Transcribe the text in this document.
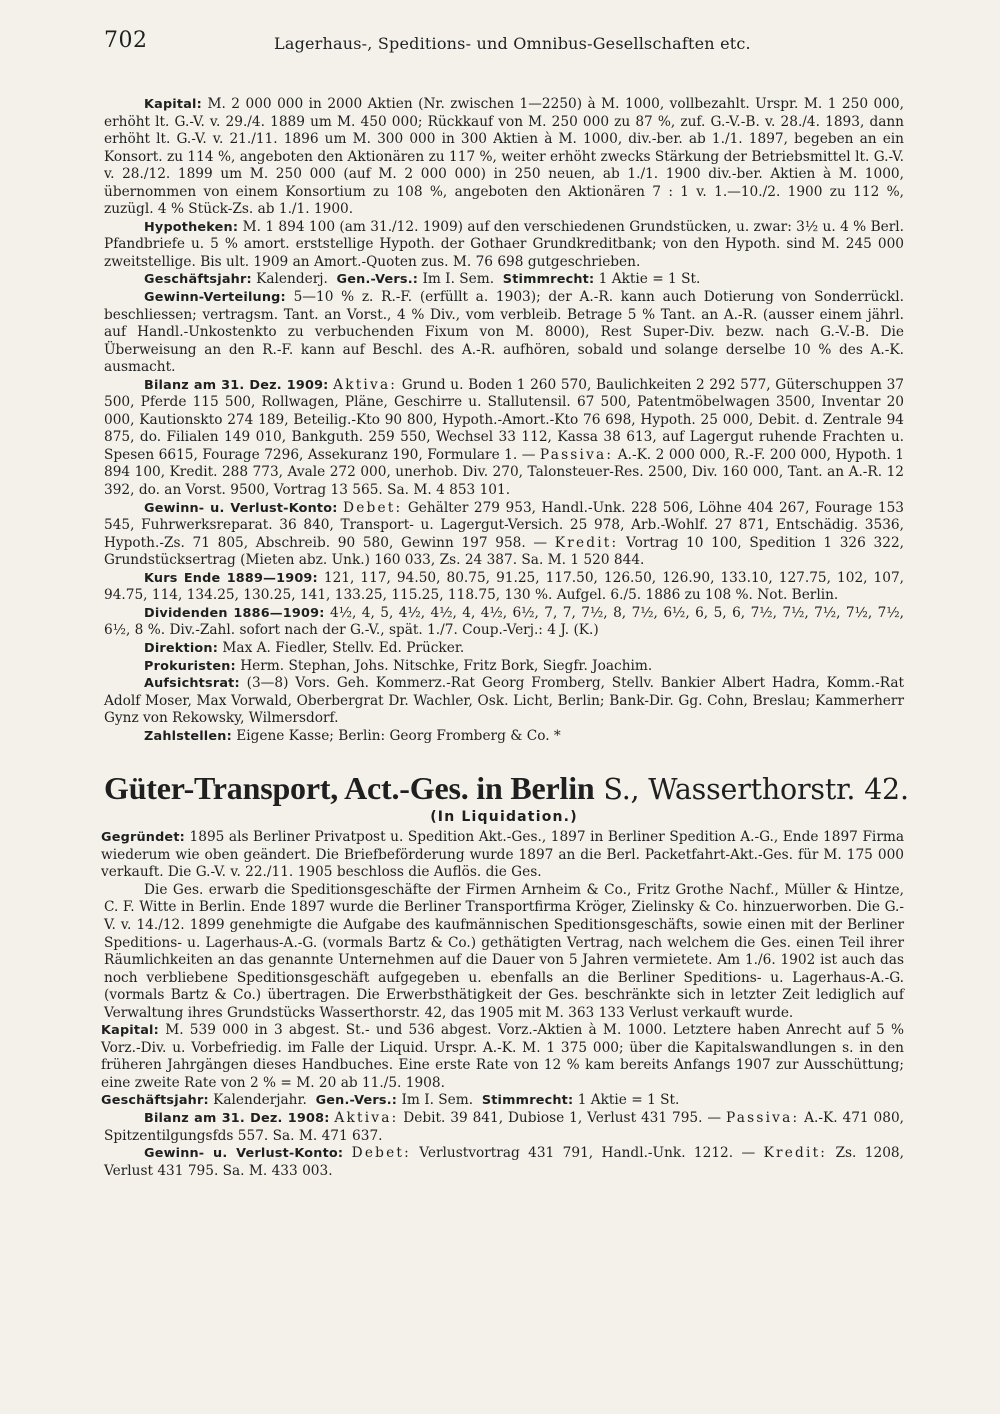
702	Lagerhaus-, Speditions- und Omnibus-Gesellschaften etc.

Kapital: M. 2 000 000 in 2000 Aktien (Nr. zwischen 1—2250) à M. 1000, vollbezahlt. Urspr. M. 1 250 000, erhöht lt. G.-V. v. 29./4. 1889 um M. 450 000; Rückkauf von M. 250 000 zu 87 %, zuf. G.-V.-B. v. 28./4. 1893, dann erhöht lt. G.-V. v. 21./11. 1896 um M. 300 000 in 300 Aktien à M. 1000, div.-ber. ab 1./1. 1897, begeben an ein Konsort. zu 114 %, angeboten den Aktionären zu 117 %, weiter erhöht zwecks Stärkung der Betriebsmittel lt. G.-V. v. 28./12. 1899 um M. 250 000 (auf M. 2 000 000) in 250 neuen, ab 1./1. 1900 div.-ber. Aktien à M. 1000, übernommen von einem Konsortium zu 108 %, angeboten den Aktionären 7 : 1 v. 1.—10./2. 1900 zu 112 %, zuzügl. 4 % Stück-Zs. ab 1./1. 1900.

Hypotheken: M. 1 894 100 (am 31./12. 1909) auf den verschiedenen Grundstücken, u. zwar: 3½ u. 4 % Berl. Pfandbriefe u. 5 % amort. erststellige Hypoth. der Gothaer Grundkreditbank; von den Hypoth. sind M. 245 000 zweitstellige. Bis ult. 1909 an Amort.-Quoten zus. M. 76 698 gutgeschrieben.

Geschäftsjahr: Kalenderj. Gen.-Vers.: Im I. Sem. Stimmrecht: 1 Aktie = 1 St.

Gewinn-Verteilung: 5—10 % z. R.-F. (erfüllt a. 1903); der A.-R. kann auch Dotierung von Sonderrückl. beschliessen; vertragsm. Tant. an Vorst., 4 % Div., vom verbleib. Betrage 5 % Tant. an A.-R. (ausser einem jährl. auf Handl.-Unkostenkto zu verbuchenden Fixum von M. 8000), Rest Super-Div. bezw. nach G.-V.-B. Die Überweisung an den R.-F. kann auf Beschl. des A.-R. aufhören, sobald und solange derselbe 10 % des A.-K. ausmacht.

Bilanz am 31. Dez. 1909: Aktiva: Grund u. Boden 1 260 570, Baulichkeiten 2 292 577, Güterschuppen 37 500, Pferde 115 500, Rollwagen, Pläne, Geschirre u. Stallutensil. 67 500, Patentmöbelwagen 3500, Inventar 20 000, Kautionskto 274 189, Beteilig.-Kto 90 800, Hypoth.-Amort.-Kto 76 698, Hypoth. 25 000, Debit. d. Zentrale 94 875, do. Filialen 149 010, Bankguth. 259 550, Wechsel 33 112, Kassa 38 613, auf Lagergut ruhende Frachten u. Spesen 6615, Fourage 7296, Assekuranz 190, Formulare 1. — Passiva: A.-K. 2 000 000, R.-F. 200 000, Hypoth. 1 894 100, Kredit. 288 773, Avale 272 000, unerhob. Div. 270, Talonsteuer-Res. 2500, Div. 160 000, Tant. an A.-R. 12 392, do. an Vorst. 9500, Vortrag 13 565. Sa. M. 4 853 101.

Gewinn- u. Verlust-Konto: Debet: Gehälter 279 953, Handl.-Unk. 228 506, Löhne 404 267, Fourage 153 545, Fuhrwerksreparat. 36 840, Transport- u. Lagergut-Versich. 25 978, Arb.-Wohlf. 27 871, Entschädig. 3536, Hypoth.-Zs. 71 805, Abschreib. 90 580, Gewinn 197 958. — Kredit: Vortrag 10 100, Spedition 1 326 322, Grundstücksertrag (Mieten abz. Unk.) 160 033, Zs. 24 387. Sa. M. 1 520 844.

Kurs Ende 1889—1909: 121, 117, 94.50, 80.75, 91.25, 117.50, 126.50, 126.90, 133.10, 127.75, 102, 107, 94.75, 114, 134.25, 130.25, 141, 133.25, 115.25, 118.75, 130 %. Aufgel. 6./5. 1886 zu 108 %. Not. Berlin.

Dividenden 1886—1909: 4½, 4, 5, 4½, 4½, 4, 4½, 6½, 7, 7, 7½, 8, 7½, 6½, 6, 5, 6, 7½, 7½, 7½, 7½, 7½, 6½, 8 %. Div.-Zahl. sofort nach der G.-V., spät. 1./7. Coup.-Verj.: 4 J. (K.)

Direktion: Max A. Fiedler, Stellv. Ed. Prücker.

Prokuristen: Herm. Stephan, Johs. Nitschke, Fritz Bork, Siegfr. Joachim.

Aufsichtsrat: (3—8) Vors. Geh. Kommerz.-Rat Georg Fromberg, Stellv. Bankier Albert Hadra, Komm.-Rat Adolf Moser, Max Vorwald, Oberbergrat Dr. Wachler, Osk. Licht, Berlin; Bank-Dir. Gg. Cohn, Breslau; Kammerherr Gynz von Rekowsky, Wilmersdorf.

Zahlstellen: Eigene Kasse; Berlin: Georg Fromberg & Co. *

Güter-Transport, Act.-Ges. in Berlin S., Wasserthorstr. 42.
(In Liquidation.)

Gegründet: 1895 als Berliner Privatpost u. Spedition Akt.-Ges., 1897 in Berliner Spedition A.-G., Ende 1897 Firma wiederum wie oben geändert. Die Briefbeförderung wurde 1897 an die Berl. Packetfahrt-Akt.-Ges. für M. 175 000 verkauft. Die G.-V. v. 22./11. 1905 beschloss die Auflös. die Ges.

Die Ges. erwarb die Speditionsgeschäfte der Firmen Arnheim & Co., Fritz Grothe Nachf., Müller & Hintze, C. F. Witte in Berlin. Ende 1897 wurde die Berliner Transportfirma Kröger, Zielinsky & Co. hinzuerworben. Die G.-V. v. 14./12. 1899 genehmigte die Aufgabe des kaufmännischen Speditionsgeschäfts, sowie einen mit der Berliner Speditions- u. Lagerhaus-A.-G. (vormals Bartz & Co.) gethätigten Vertrag, nach welchem die Ges. einen Teil ihrer Räumlichkeiten an das genannte Unternehmen auf die Dauer von 5 Jahren vermietete. Am 1./6. 1902 ist auch das noch verbliebene Speditionsgeschäft aufgegeben u. ebenfalls an die Berliner Speditions- u. Lagerhaus-A.-G. (vormals Bartz & Co.) übertragen. Die Erwerbsthätigkeit der Ges. beschränkte sich in letzter Zeit lediglich auf Verwaltung ihres Grundstücks Wasserthorstr. 42, das 1905 mit M. 363 133 Verlust verkauft wurde.

Kapital: M. 539 000 in 3 abgest. St.- und 536 abgest. Vorz.-Aktien à M. 1000. Letztere haben Anrecht auf 5 % Vorz.-Div. u. Vorbefriedig. im Falle der Liquid. Urspr. A.-K. M. 1 375 000; über die Kapitalswandlungen s. in den früheren Jahrgängen dieses Handbuches. Eine erste Rate von 12 % kam bereits Anfangs 1907 zur Ausschüttung; eine zweite Rate von 2 % = M. 20 ab 11./5. 1908.

Geschäftsjahr: Kalenderjahr. Gen.-Vers.: Im I. Sem. Stimmrecht: 1 Aktie = 1 St.

Bilanz am 31. Dez. 1908: Aktiva: Debit. 39 841, Dubiose 1, Verlust 431 795. — Passiva: A.-K. 471 080, Spitzentilgungsfds 557. Sa. M. 471 637.

Gewinn- u. Verlust-Konto: Debet: Verlustvortrag 431 791, Handl.-Unk. 1212. — Kredit: Zs. 1208, Verlust 431 795. Sa. M. 433 003.
